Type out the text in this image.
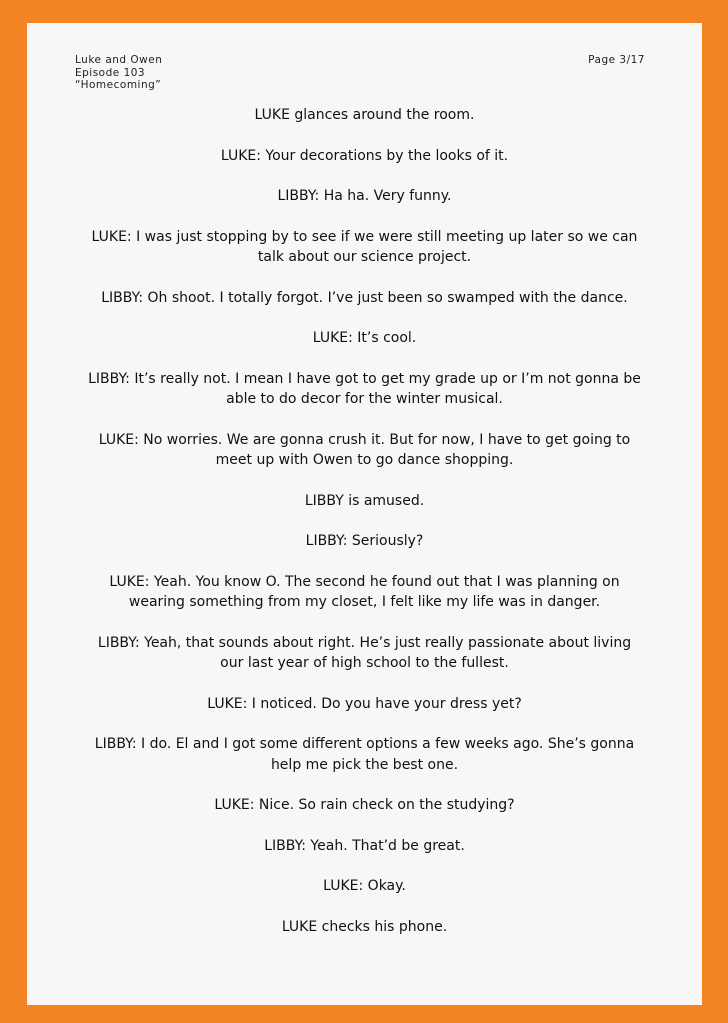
Luke and Owen
Episode 103
“Homecoming”
Page 3/17
LUKE glances around the room.
LUKE: Your decorations by the looks of it.
LIBBY: Ha ha. Very funny.
LUKE: I was just stopping by to see if we were still meeting up later so we can talk about our science project.
LIBBY: Oh shoot. I totally forgot. I’ve just been so swamped with the dance.
LUKE: It’s cool.
LIBBY: It’s really not. I mean I have got to get my grade up or I’m not gonna be able to do decor for the winter musical.
LUKE: No worries. We are gonna crush it. But for now, I have to get going to meet up with Owen to go dance shopping.
LIBBY is amused.
LIBBY: Seriously?
LUKE: Yeah. You know O. The second he found out that I was planning on wearing something from my closet, I felt like my life was in danger.
LIBBY: Yeah, that sounds about right. He’s just really passionate about living our last year of high school to the fullest.
LUKE: I noticed. Do you have your dress yet?
LIBBY: I do. El and I got some different options a few weeks ago. She’s gonna help me pick the best one.
LUKE: Nice. So rain check on the studying?
LIBBY: Yeah. That’d be great.
LUKE: Okay.
LUKE checks his phone.
